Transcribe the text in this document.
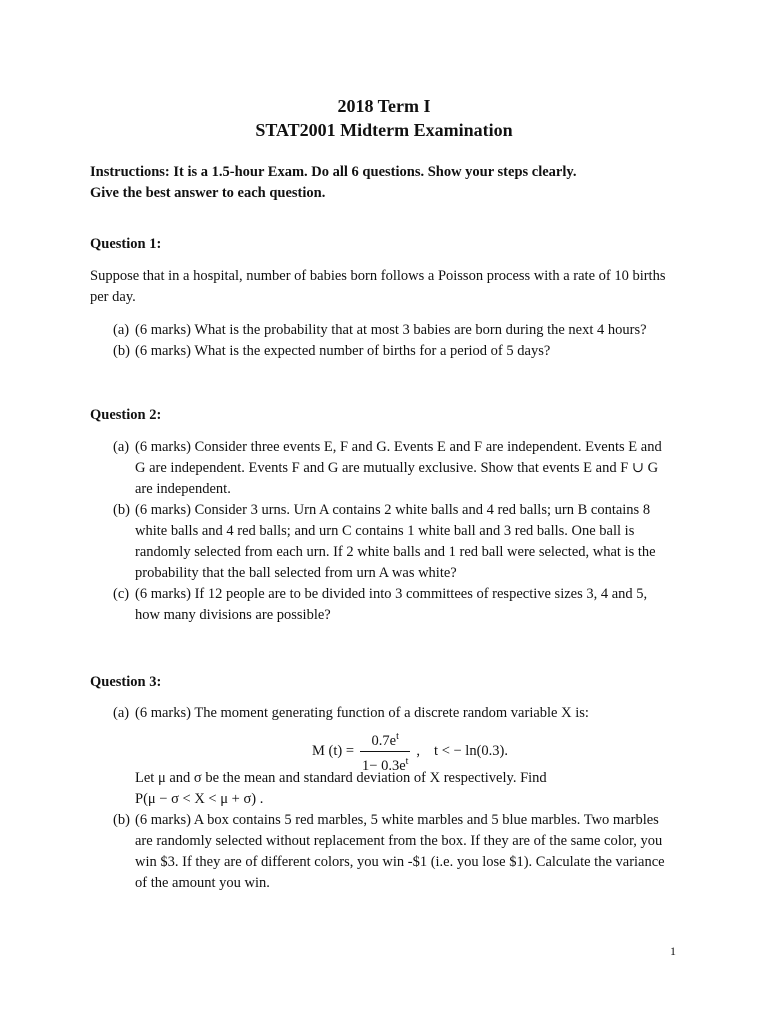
2018 Term I
STAT2001 Midterm Examination
Instructions: It is a 1.5-hour Exam. Do all 6 questions. Show your steps clearly.
Give the best answer to each question.
Question 1:
Suppose that in a hospital, number of babies born follows a Poisson process with a rate of 10 births per day.
(a) (6 marks) What is the probability that at most 3 babies are born during the next 4 hours?

(b) (6 marks) What is the expected number of births for a period of 5 days?

Question 2:
(a) (6 marks) Consider three events E, F and G. Events E and F are independent. Events E and G are independent. Events F and G are mutually exclusive. Show that events E and F ∪ G are independent.

(b) (6 marks) Consider 3 urns. Urn A contains 2 white balls and 4 red balls; urn B contains 8 white balls and 4 red balls; and urn C contains 1 white ball and 3 red balls. One ball is randomly selected from each urn. If 2 white balls and 1 red ball were selected, what is the probability that the ball selected from urn A was white?

(c) (6 marks) If 12 people are to be divided into 3 committees of respective sizes 3, 4 and 5, how many divisions are possible?

Question 3:
(a) (6 marks) The moment generating function of a discrete random variable X is:

M $(t) = \frac{0.7e^t}{1- 0.3e^t}$ , t < − ln(0.3).

Let μ and σ be the mean and standard deviation of X respectively. Find

P(μ − σ < X < μ + σ) .

(b) (6 marks) A box contains 5 red marbles, 5 white marbles and 5 blue marbles. Two marbles are randomly selected without replacement from the box. If they are of the same color, you win $3. If they are of different colors, you win -$1 (i.e. you lose $1). Calculate the variance of the amount you win.

1
